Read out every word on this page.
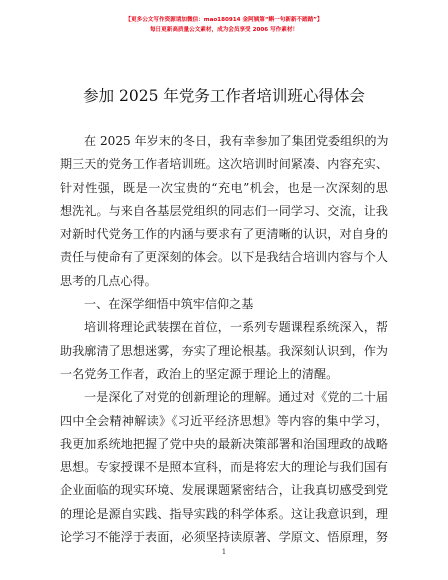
【更多公文写作资源请加微信：mao180914 金阿姨第“蝌一句新新不踏踏”】
每日更新高质量公文素材，成为会员享受 2006 写作素材！
参加 2025 年党务工作者培训班心得体会
在 2025 年岁末的冬日，我有幸参加了集团党委组织的为
期三天的党务工作者培训班。这次培训时间紧凑、内容充实、
针对性强，既是一次宝贵的“充电”机会，也是一次深刻的思
想洗礼。与来自各基层党组织的同志们一同学习、交流，让我
对新时代党务工作的内涵与要求有了更清晰的认识，对自身的
责任与使命有了更深刻的体会。以下是我结合培训内容与个人
思考的几点心得。
一、在深学细悟中筑牢信仰之基
培训将理论武装摆在首位，一系列专题课程系统深入，帮
助我廓清了思想迷雾，夯实了理论根基。我深刻认识到，作为
一名党务工作者，政治上的坚定源于理论上的清醒。
一是深化了对党的创新理论的理解。通过对《党的二十届
四中全会精神解读》《习近平经济思想》等内容的集中学习，
我更加系统地把握了党中央的最新决策部署和治国理政的战略
思想。专家授课不是照本宣科，而是将宏大的理论与我们国有
企业面临的现实环境、发展课题紧密结合，让我真切感受到党
的理论是源自实践、指导实践的科学体系。这让我意识到，理
论学习不能浮于表面，必须坚持读原著、学原文、悟原理，努
1
